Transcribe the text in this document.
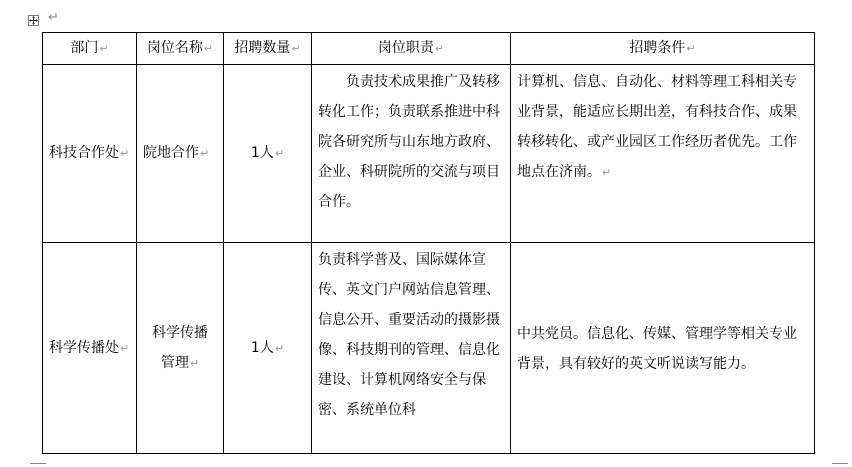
↵
部门↵	岗位名称↵	招聘数量↵	岗位职责↵	招聘条件↵
科技合作处↵	院地合作↵	1人↵	负责技术成果推广及转移转化工作；负责联系推进中科院各研究所与山东地方政府、企业、科研院所的交流与项目合作。	计算机、信息、自动化、材料等理工科相关专业背景，能适应长期出差，有科技合作、成果转移转化、或产业园区工作经历者优先。工作地点在济南。↵
科学传播处↵	科学传播
管理↵	1人↵	负责科学普及、国际媒体宣传、英文门户网站信息管理、信息公开、重要活动的摄影摄像、科技期刊的管理、信息化建设、计算机网络安全与保密、系统单位科	中共党员。信息化、传媒、管理学等相关专业背景，具有较好的英文听说读写能力。
